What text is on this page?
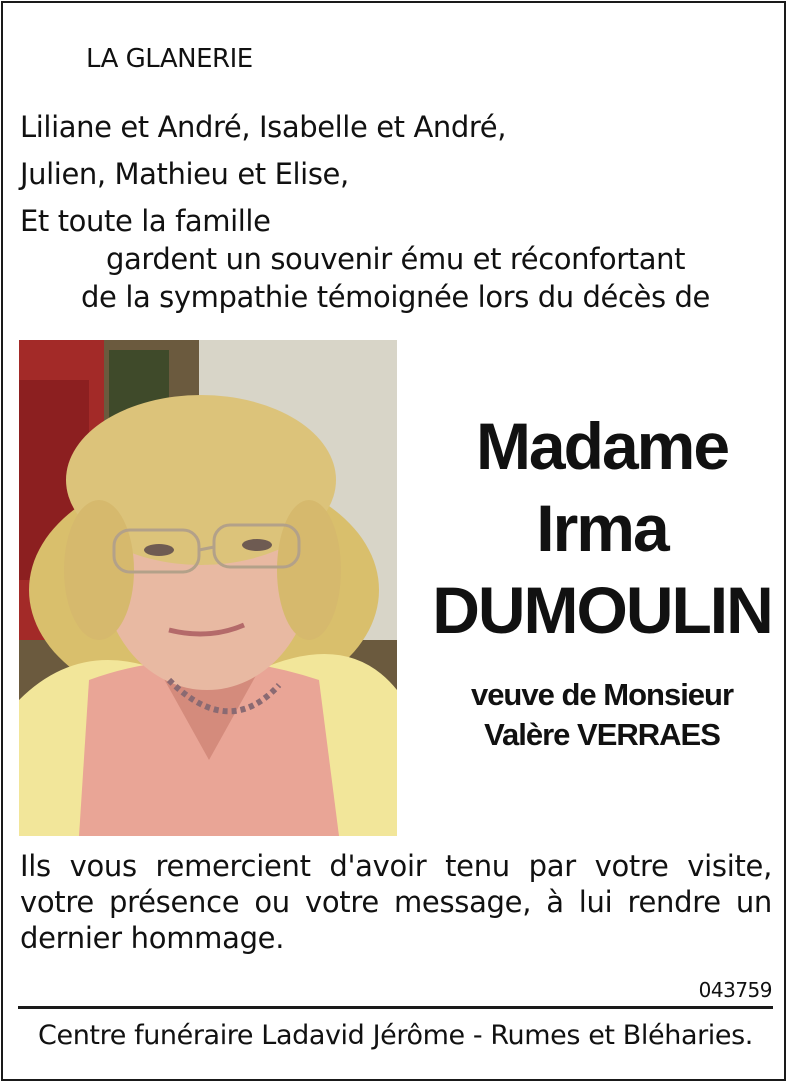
LA GLANERIE
Liliane et André, Isabelle et André,
Julien, Mathieu et Elise,
Et toute la famille
gardent un souvenir ému et réconfortant
de la sympathie témoignée lors du décès de
Madame
Irma
DUMOULIN
veuve de Monsieur
Valère VERRAES
Ils vous remercient d'avoir tenu par votre visite, votre présence ou votre message, à lui rendre un dernier hommage.
043759
Centre funéraire Ladavid Jérôme - Rumes et Bléharies.
